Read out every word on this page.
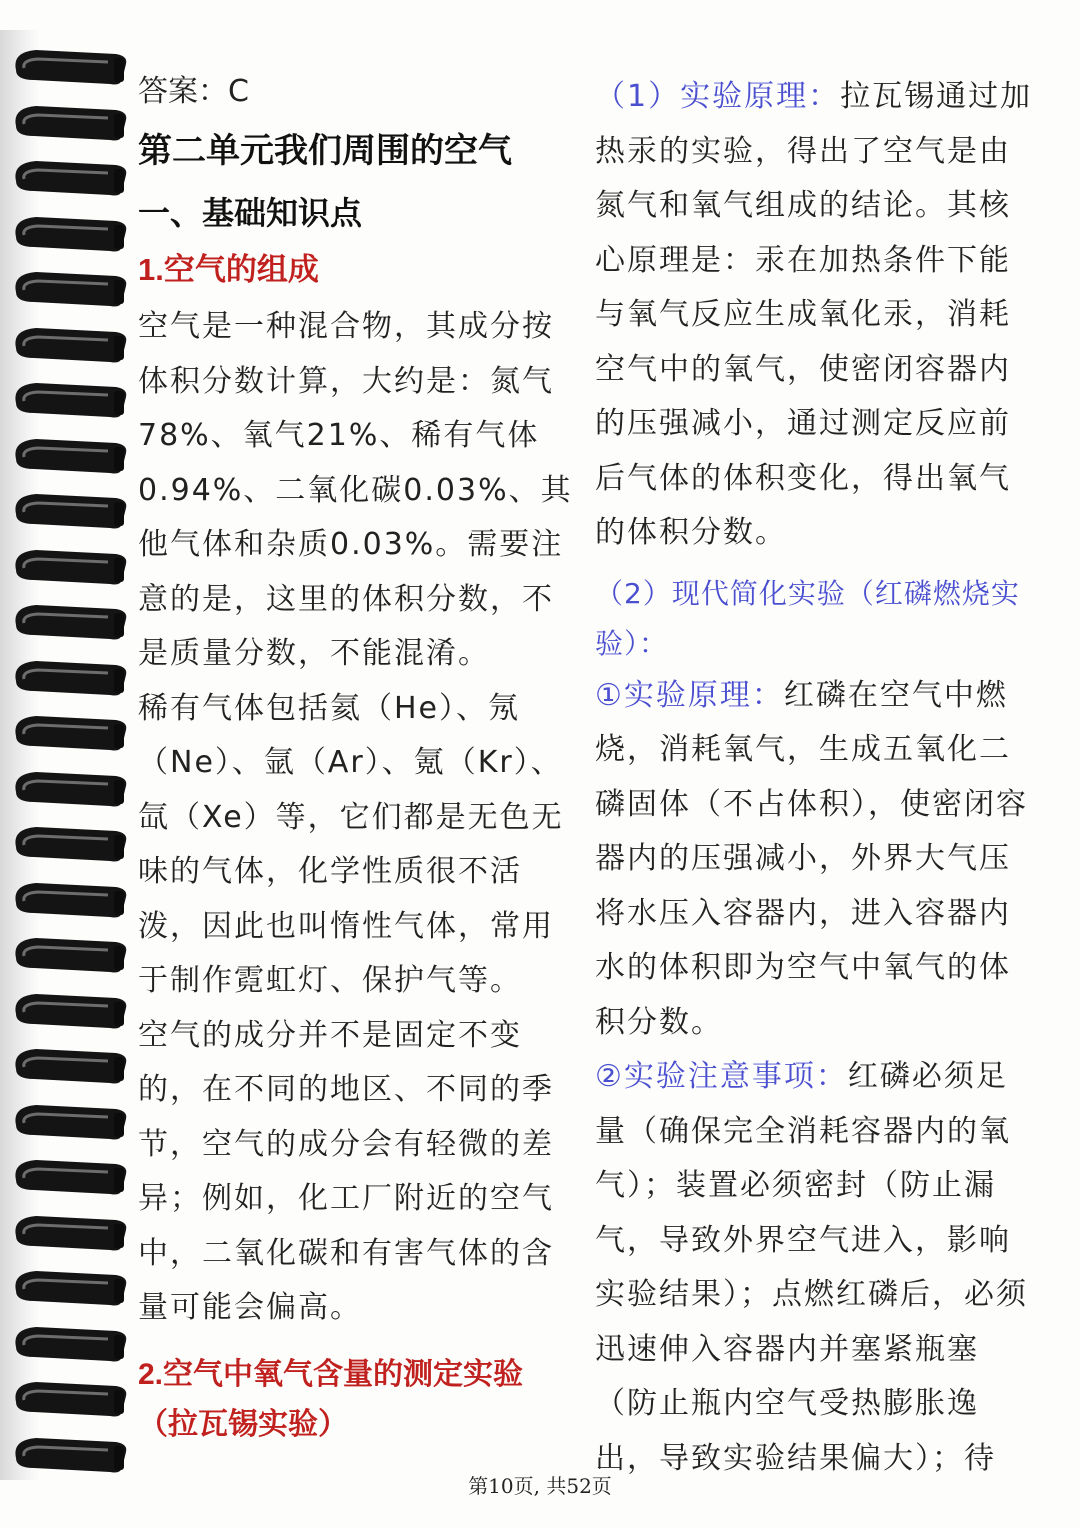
答案：C

第二单元我们周围的空气

一、基础知识点

1.空气的组成

空气是一种混合物，其成分按体积分数计算，大约是：氮气78%、氧气21%、稀有气体0.94%、二氧化碳0.03%、其他气体和杂质0.03%。需要注意的是，这里的体积分数，不是质量分数，不能混淆。

稀有气体包括氦（He）、氖（Ne）、氩（Ar）、氪（Kr）、氙（Xe）等，它们都是无色无味的气体，化学性质很不活泼，因此也叫惰性气体，常用于制作霓虹灯、保护气等。

空气的成分并不是固定不变的，在不同的地区、不同的季节，空气的成分会有轻微的差异；例如，化工厂附近的空气中，二氧化碳和有害气体的含量可能会偏高。

2.空气中氧气含量的测定实验（拉瓦锡实验）

（1）实验原理：拉瓦锡通过加热汞的实验，得出了空气是由氮气和氧气组成的结论。其核心原理是：汞在加热条件下能与氧气反应生成氧化汞，消耗空气中的氧气，使密闭容器内的压强减小，通过测定反应前后气体的体积变化，得出氧气的体积分数。

（2）现代简化实验（红磷燃烧实验）：

①实验原理：红磷在空气中燃烧，消耗氧气，生成五氧化二磷固体（不占体积），使密闭容器内的压强减小，外界大气压将水压入容器内，进入容器内水的体积即为空气中氧气的体积分数。

②实验注意事项：红磷必须足量（确保完全消耗容器内的氧气）；装置必须密封（防止漏气，导致外界空气进入，影响实验结果）；点燃红磷后，必须迅速伸入容器内并塞紧瓶塞（防止瓶内空气受热膨胀逸出，导致实验结果偏大）；待

第10页, 共52页
